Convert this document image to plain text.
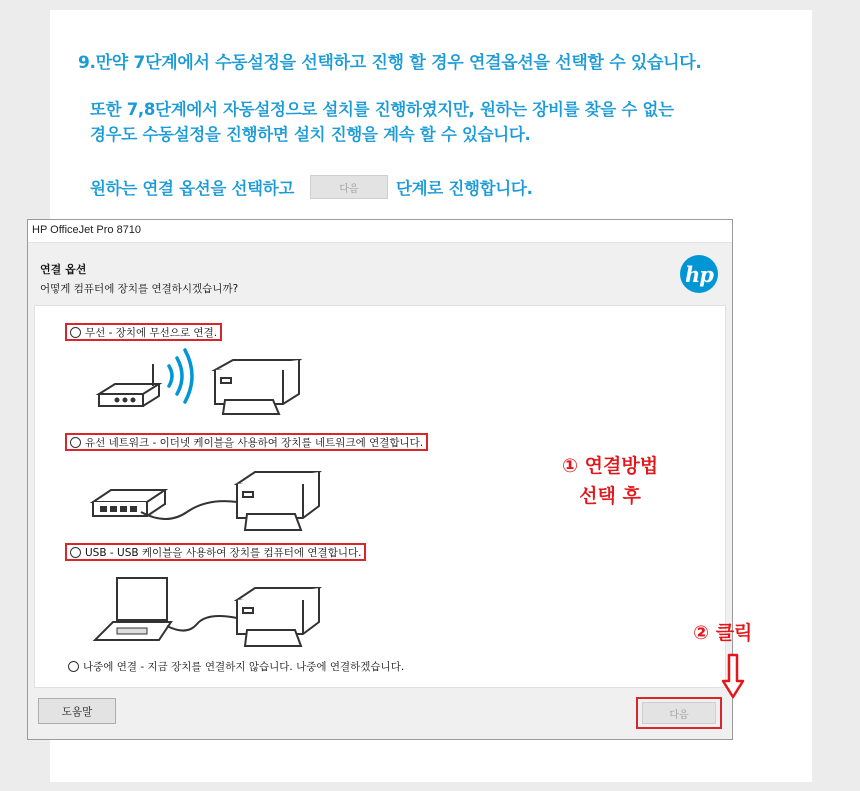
9.만약 7단계에서 수동설정을 선택하고 진행 할 경우 연결옵션을 선택할 수 있습니다.
또한 7,8단계에서 자동설정으로 설치를 진행하였지만, 원하는 장비를 찾을 수 없는
경우도 수동설정을 진행하면 설치 진행을 계속 할 수 있습니다.
원하는 연결 옵션을 선택하고	다음	단계로 진행합니다.
HP OfficeJet Pro 8710
연결 옵션
어떻게 컴퓨터에 장치를 연결하시겠습니까?
hp
무선 - 장치에 무선으로 연결.
유선 네트워크 - 이더넷 케이블을 사용하여 장치를 네트워크에 연결합니다.
USB - USB 케이블을 사용하여 장치를 컴퓨터에 연결합니다.
나중에 연결 - 지금 장치를 연결하지 않습니다. 나중에 연결하겠습니다.
도움말	다음
① 연결방법
선택 후
② 클릭
